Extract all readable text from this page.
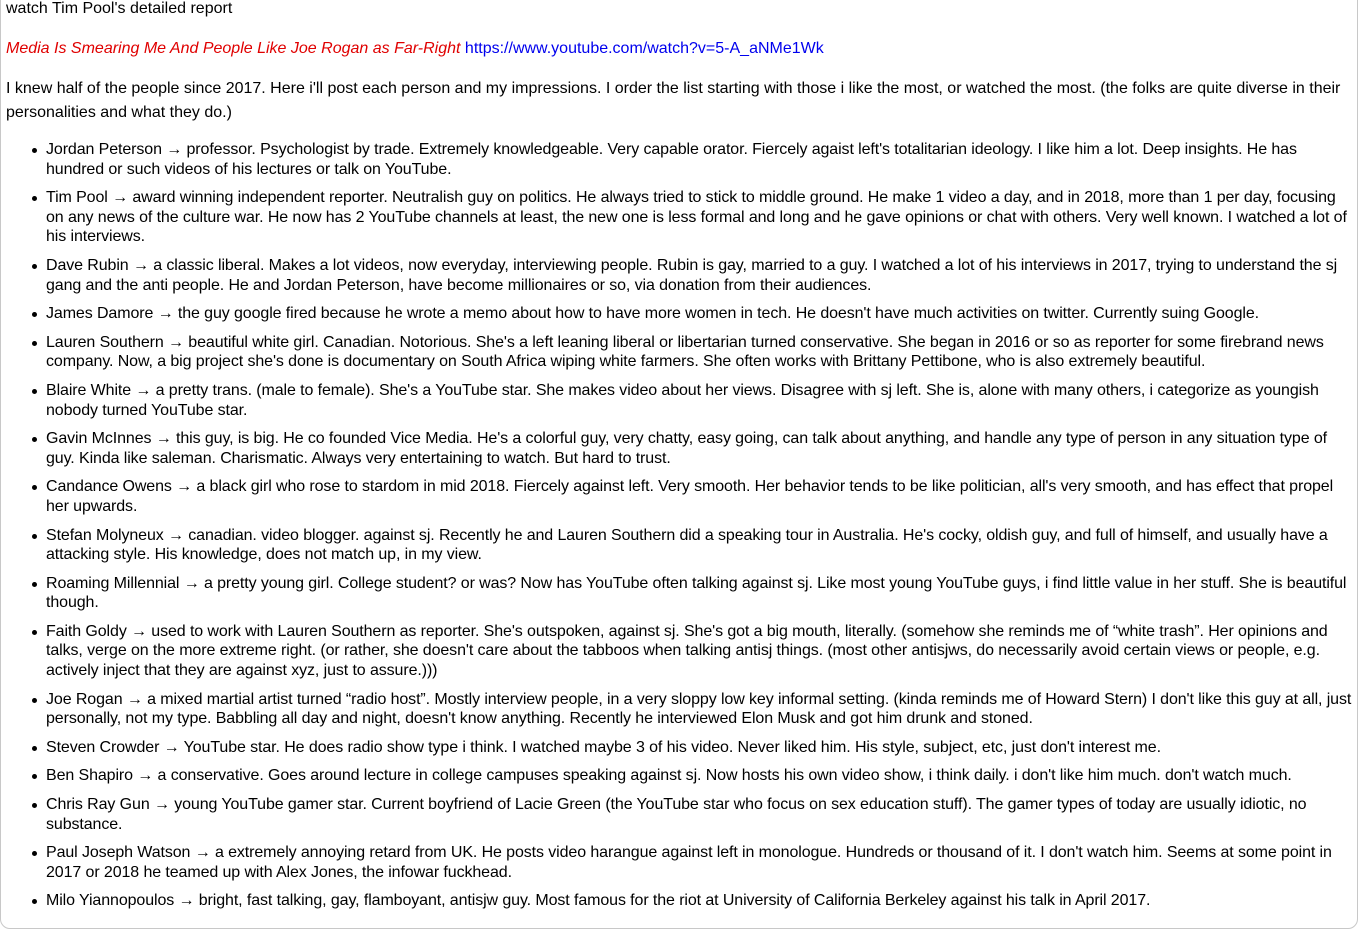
watch Tim Pool's detailed report

Media Is Smearing Me And People Like Joe Rogan as Far-Right https://www.youtube.com/watch?v=5-A_aNMe1Wk

I knew half of the people since 2017. Here i'll post each person and my impressions. I order the list starting with those i like the most, or watched the most. (the folks are quite diverse in their personalities and what they do.)

Jordan Peterson → professor. Psychologist by trade. Extremely knowledgeable. Very capable orator. Fiercely agaist left's totalitarian ideology. I like him a lot. Deep insights. He has hundred or such videos of his lectures or talk on YouTube.
Tim Pool → award winning independent reporter. Neutralish guy on politics. He always tried to stick to middle ground. He make 1 video a day, and in 2018, more than 1 per day, focusing on any news of the culture war. He now has 2 YouTube channels at least, the new one is less formal and long and he gave opinions or chat with others. Very well known. I watched a lot of his interviews.
Dave Rubin → a classic liberal. Makes a lot videos, now everyday, interviewing people. Rubin is gay, married to a guy. I watched a lot of his interviews in 2017, trying to understand the sj gang and the anti people. He and Jordan Peterson, have become millionaires or so, via donation from their audiences.
James Damore → the guy google fired because he wrote a memo about how to have more women in tech. He doesn't have much activities on twitter. Currently suing Google.
Lauren Southern → beautiful white girl. Canadian. Notorious. She's a left leaning liberal or libertarian turned conservative. She began in 2016 or so as reporter for some firebrand news company. Now, a big project she's done is documentary on South Africa wiping white farmers. She often works with Brittany Pettibone, who is also extremely beautiful.
Blaire White → a pretty trans. (male to female). She's a YouTube star. She makes video about her views. Disagree with sj left. She is, alone with many others, i categorize as youngish nobody turned YouTube star.
Gavin McInnes → this guy, is big. He co founded Vice Media. He's a colorful guy, very chatty, easy going, can talk about anything, and handle any type of person in any situation type of guy. Kinda like saleman. Charismatic. Always very entertaining to watch. But hard to trust.
Candance Owens → a black girl who rose to stardom in mid 2018. Fiercely against left. Very smooth. Her behavior tends to be like politician, all's very smooth, and has effect that propel her upwards.
Stefan Molyneux → canadian. video blogger. against sj. Recently he and Lauren Southern did a speaking tour in Australia. He's cocky, oldish guy, and full of himself, and usually have a attacking style. His knowledge, does not match up, in my view.
Roaming Millennial → a pretty young girl. College student? or was? Now has YouTube often talking against sj. Like most young YouTube guys, i find little value in her stuff. She is beautiful though.
Faith Goldy → used to work with Lauren Southern as reporter. She's outspoken, against sj. She's got a big mouth, literally. (somehow she reminds me of “white trash”. Her opinions and talks, verge on the more extreme right. (or rather, she doesn't care about the tabboos when talking antisj things. (most other antisjws, do necessarily avoid certain views or people, e.g. actively inject that they are against xyz, just to assure.)))
Joe Rogan → a mixed martial artist turned “radio host”. Mostly interview people, in a very sloppy low key informal setting. (kinda reminds me of Howard Stern) I don't like this guy at all, just personally, not my type. Babbling all day and night, doesn't know anything. Recently he interviewed Elon Musk and got him drunk and stoned.
Steven Crowder → YouTube star. He does radio show type i think. I watched maybe 3 of his video. Never liked him. His style, subject, etc, just don't interest me.
Ben Shapiro → a conservative. Goes around lecture in college campuses speaking against sj. Now hosts his own video show, i think daily. i don't like him much. don't watch much.
Chris Ray Gun → young YouTube gamer star. Current boyfriend of Lacie Green (the YouTube star who focus on sex education stuff). The gamer types of today are usually idiotic, no substance.
Paul Joseph Watson → a extremely annoying retard from UK. He posts video harangue against left in monologue. Hundreds or thousand of it. I don't watch him. Seems at some point in 2017 or 2018 he teamed up with Alex Jones, the infowar fuckhead.
Milo Yiannopoulos → bright, fast talking, gay, flamboyant, antisjw guy. Most famous for the riot at University of California Berkeley against his talk in April 2017.
